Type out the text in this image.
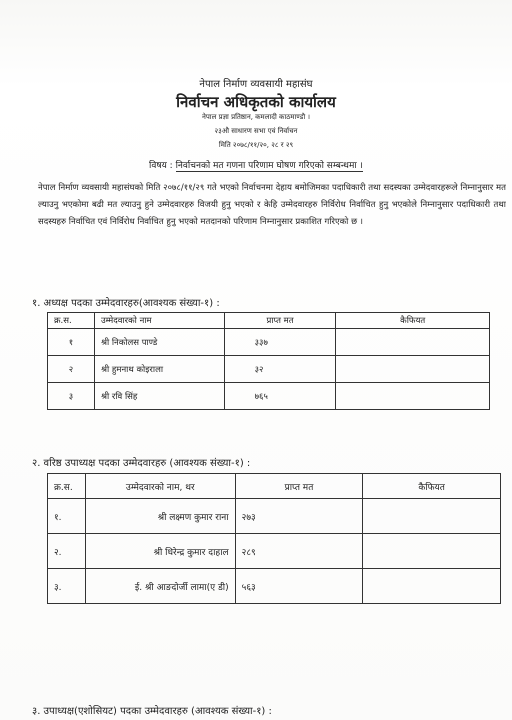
नेपाल निर्माण व्यवसायी महासंघ
निर्वाचन अधिकृतको कार्यालय
नेपाल प्रज्ञा प्रतिष्ठान, कमलादी काठमाण्डौ ।
२३औ साधारण सभा एवं निर्वाचन
मिति २०७८/११/२०, २८ र २९
विषय : निर्वाचनको मत गणना परिणाम घोषण गरिएको सम्बन्धमा ।
नेपाल निर्माण व्यवसायी महासंघको मिति २०७८/११/२९ गते भएको निर्वाचनमा देहाय बमोजिमका पदाधिकारी तथा सदस्यका उम्मेदवारहरूले निम्नानुसार मत ल्याउनु भएकोमा बढी मत ल्याउनु हुने उम्मेदवारहरु विजयी हुनु भएको र केहि उम्मेदवारहरु निर्विरोध निर्वाचित हुनु भएकोले निम्नानुसार पदाधिकारी तथा सदस्यहरु निर्वाचित एवं निर्विरोध निर्वाचित हुनु भएको मतदानको परिणाम निम्नानुसार प्रकाशित गरिएको छ ।
१. अध्यक्ष पदका उम्मेदवारहरु(आवश्यक संख्या-१) :
क्र.स.	उम्मेदवारको नाम	प्राप्त मत	कैफियत
१	श्री निकोलस पाण्डे	३३७	
२	श्री हुमनाथ कोइराला	३२	
३	श्री रवि सिंह	७६५	
२. वरिष्ठ उपाध्यक्ष पदका उम्मेदवारहरु (आवश्यक संख्या-१) :
क्र.स.	उम्मेदवारको नाम, थर	प्राप्त मत	कैफियत
१.	श्री लक्ष्मण कुमार राना	२७३	
२.	श्री धिरेन्द्र कुमार दाहाल	२८९	
३.	ई. श्री आङदोर्जी लामा(ए डी)	५६३	
३. उपाध्यक्ष(एशोसियट) पदका उम्मेदवारहरु (आवश्यक संख्या-१) :
